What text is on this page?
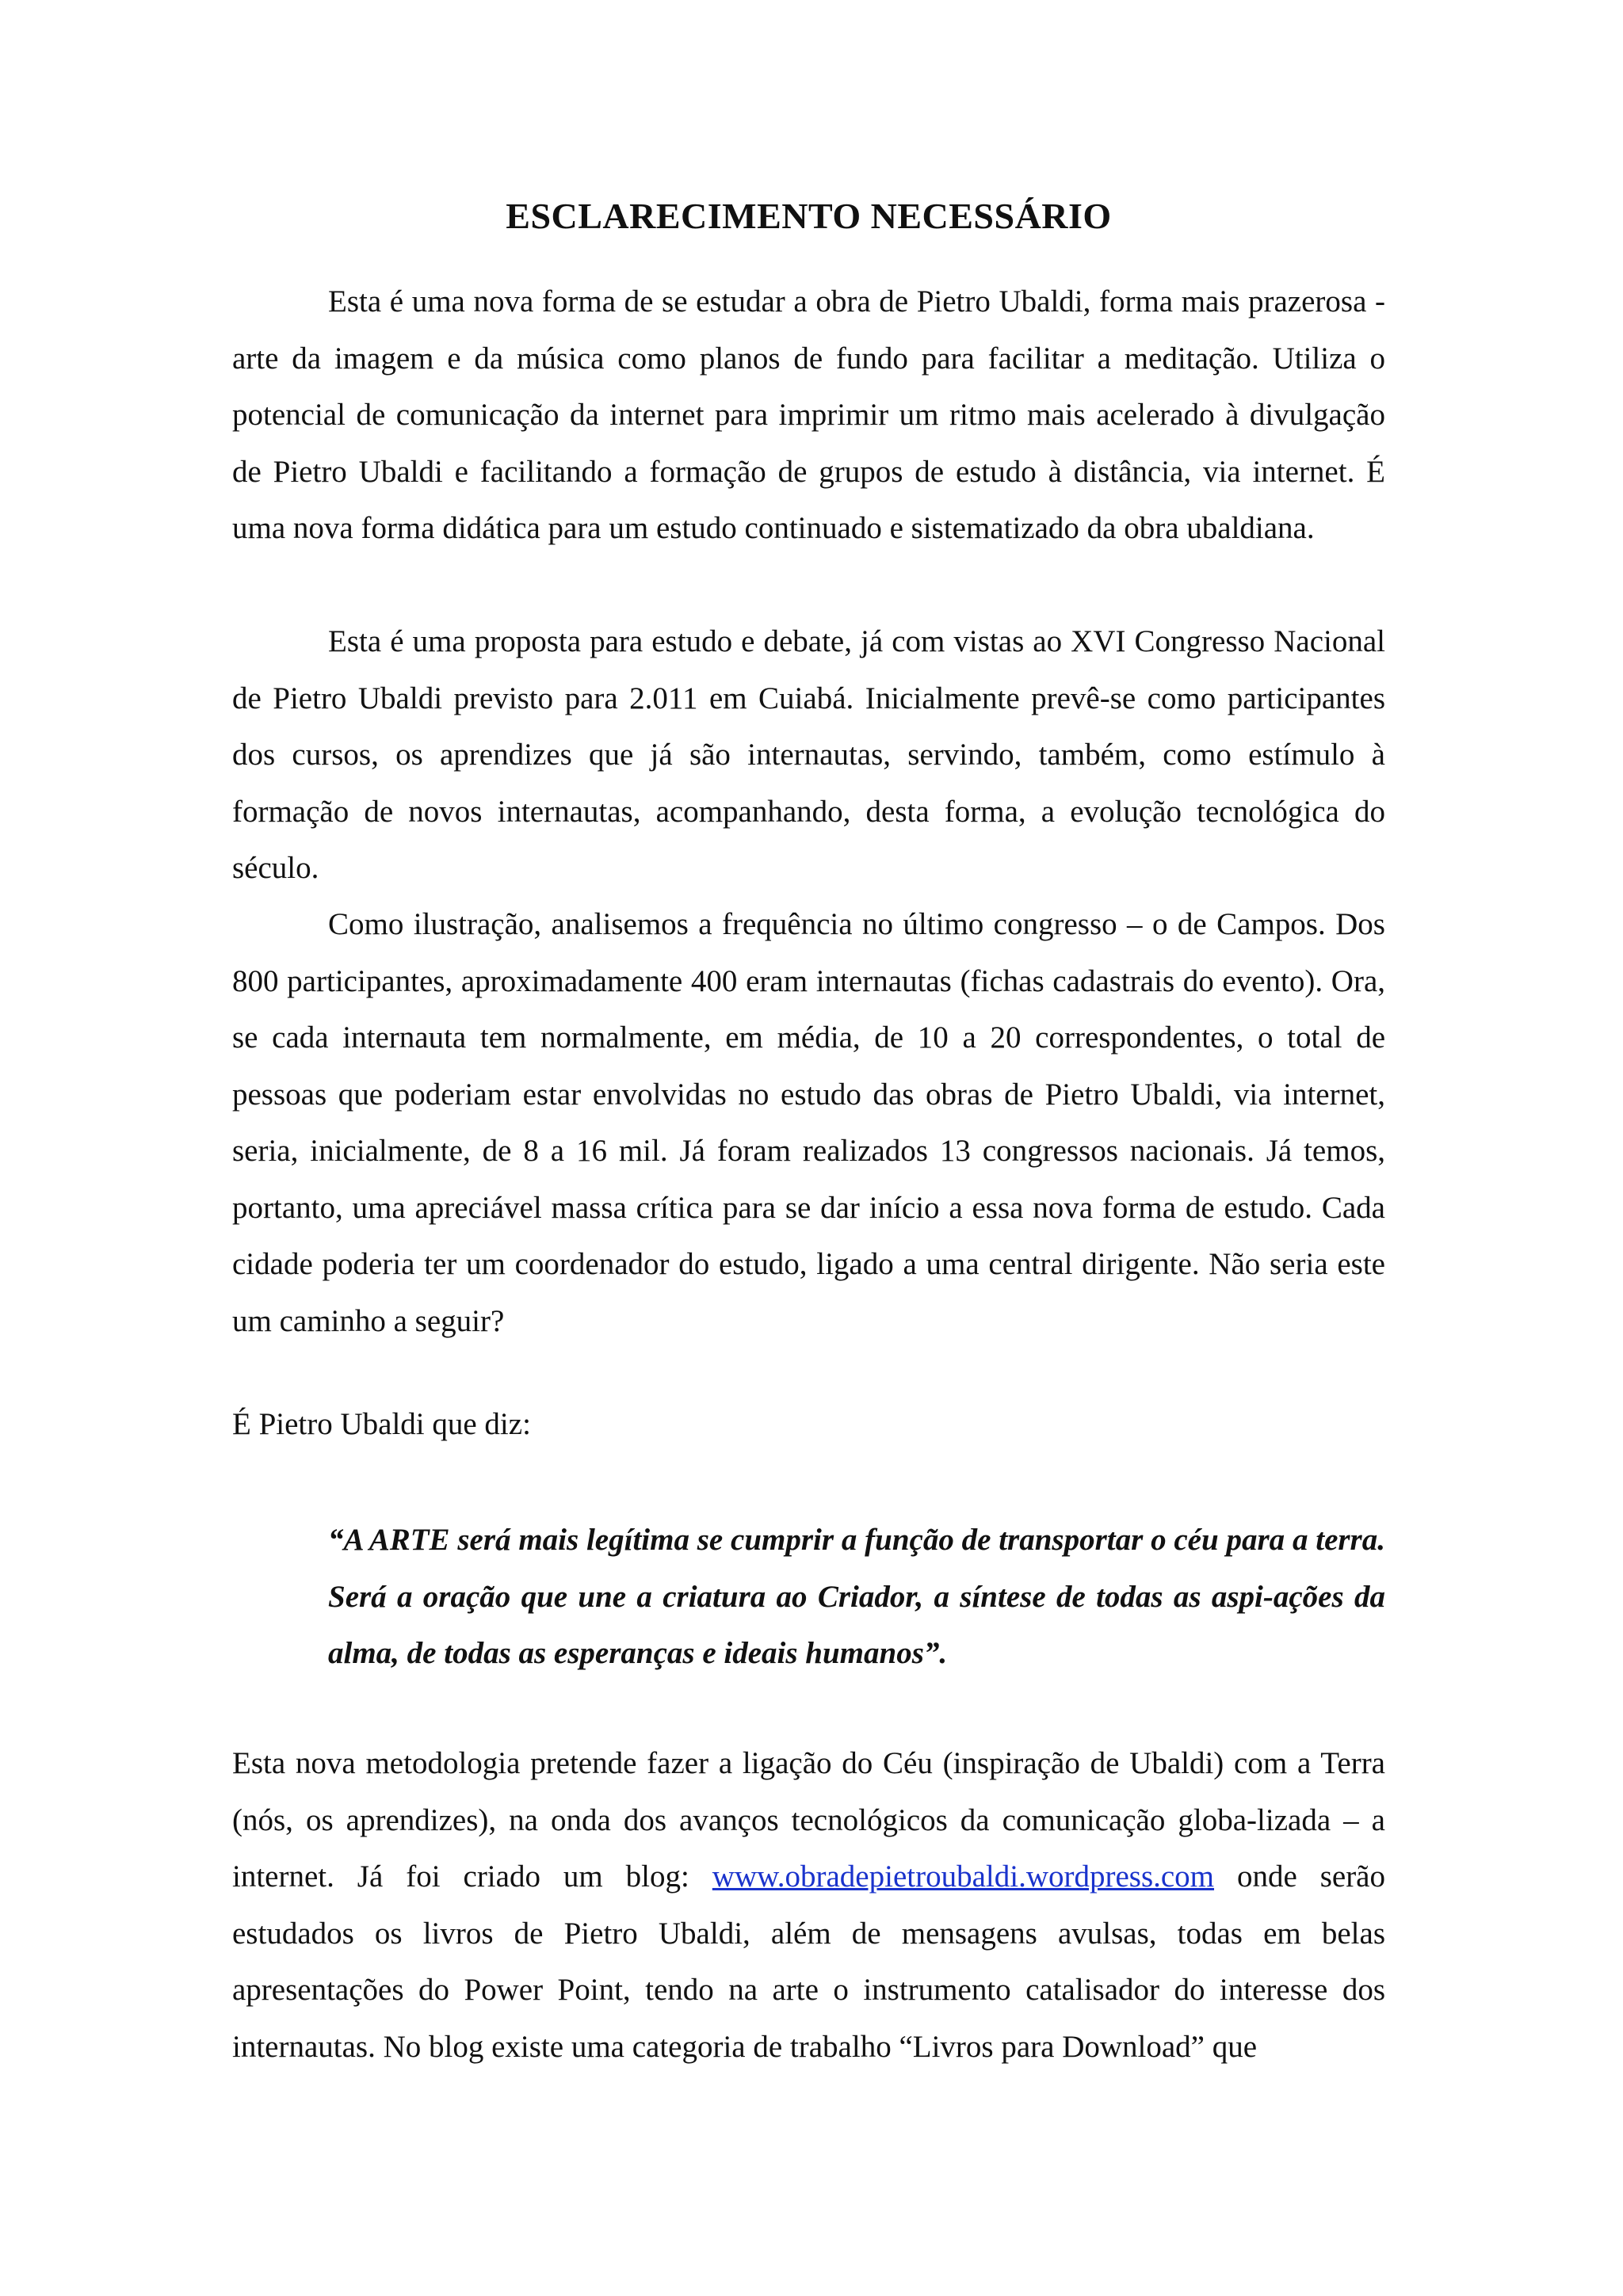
ESCLARECIMENTO NECESSÁRIO

Esta é uma nova forma de se estudar a obra de Pietro Ubaldi, forma mais prazerosa - arte da imagem e da música como planos de fundo para facilitar a meditação. Utiliza o potencial de comunicação da internet para imprimir um ritmo mais acelerado à divulgação de Pietro Ubaldi e facilitando a formação de grupos de estudo à distância, via internet. É uma nova forma didática para um estudo continuado e sistematizado da obra ubaldiana.

Esta é uma proposta para estudo e debate, já com vistas ao XVI Congresso Nacional de Pietro Ubaldi previsto para 2.011 em Cuiabá. Inicialmente prevê-se como participantes dos cursos, os aprendizes que já são internautas, servindo, também, como estímulo à formação de novos internautas, acompanhando, desta forma, a evolução tecnológica do século.

Como ilustração, analisemos a frequência no último congresso – o de Campos. Dos 800 participantes, aproximadamente 400 eram internautas (fichas cadastrais do evento). Ora, se cada internauta tem normalmente, em média, de 10 a 20 correspondentes, o total de pessoas que poderiam estar envolvidas no estudo das obras de Pietro Ubaldi, via internet, seria, inicialmente, de 8 a 16 mil. Já foram realizados 13 congressos nacionais. Já temos, portanto, uma apreciável massa crítica para se dar início a essa nova forma de estudo. Cada cidade poderia ter um coordenador do estudo, ligado a uma central dirigente. Não seria este um caminho a seguir?

É Pietro Ubaldi que diz:

“A ARTE será mais legítima se cumprir a função de transportar o céu para a terra. Será a oração que une a criatura ao Criador, a síntese de todas as aspi-ações da alma, de todas as esperanças e ideais humanos”.

Esta nova metodologia pretende fazer a ligação do Céu (inspiração de Ubaldi) com a Terra (nós, os aprendizes), na onda dos avanços tecnológicos da comunicação globa-lizada – a internet. Já foi criado um blog: www.obradepietroubaldi.wordpress.com onde serão estudados os livros de Pietro Ubaldi, além de mensagens avulsas, todas em belas apresentações do Power Point, tendo na arte o instrumento catalisador do interesse dos internautas. No blog existe uma categoria de trabalho “Livros para Download” que
